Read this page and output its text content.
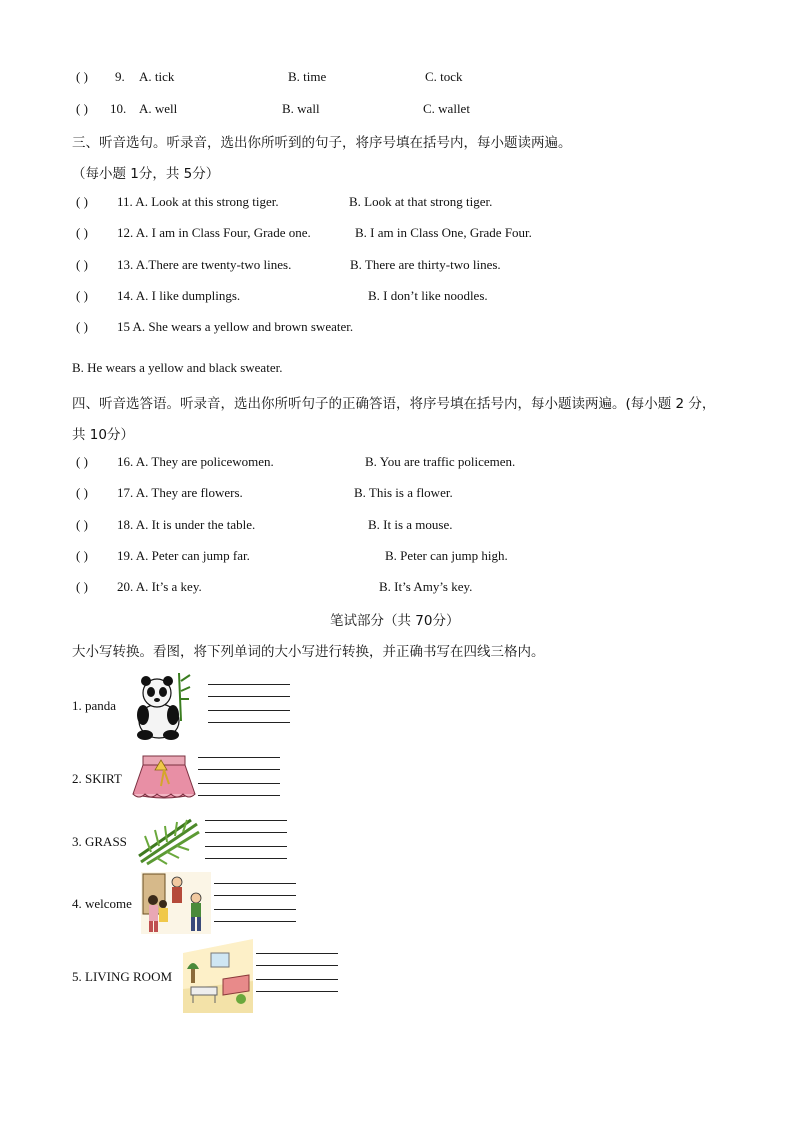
( ) 9. A. tick	B. time	C. tock
( ) 10. A. well	B. wall	C. wallet
三、听音选句。听录音，选出你所听到的句子，将序号填在括号内，每小题读两遍。
（每小题 1分，共 5分）
( ) 11. A. Look at this strong tiger.	B. Look at that strong tiger.
( ) 12. A. I am in Class Four, Grade one.	B. I am in Class One, Grade Four.
( ) 13. A.There are twenty-two lines.	B. There are thirty-two lines.
( ) 14. A. I like dumplings.	B. I don’t like noodles.
( ) 15 A. She wears a yellow and brown sweater.
B. He wears a yellow and black sweater.
四、听音选答语。听录音，选出你所听句子的正确答语，将序号填在括号内，每小题读两遍。(每小题 2 分，
共 10分）
( ) 16. A. They are policewomen.	B. You are traffic policemen.
( ) 17. A. They are flowers.	B. This is a flower.
( ) 18. A. It is under the table.	B. It is a mouse.
( ) 19. A. Peter can jump far.	B. Peter can jump high.
( ) 20. A. It’s a key.	B. It’s Amy’s key.
笔试部分（共 70分）
大小写转换。看图，将下列单词的大小写进行转换，并正确书写在四线三格内。
1. panda
2. SKIRT
3. GRASS
4. welcome
5. LIVING ROOM
